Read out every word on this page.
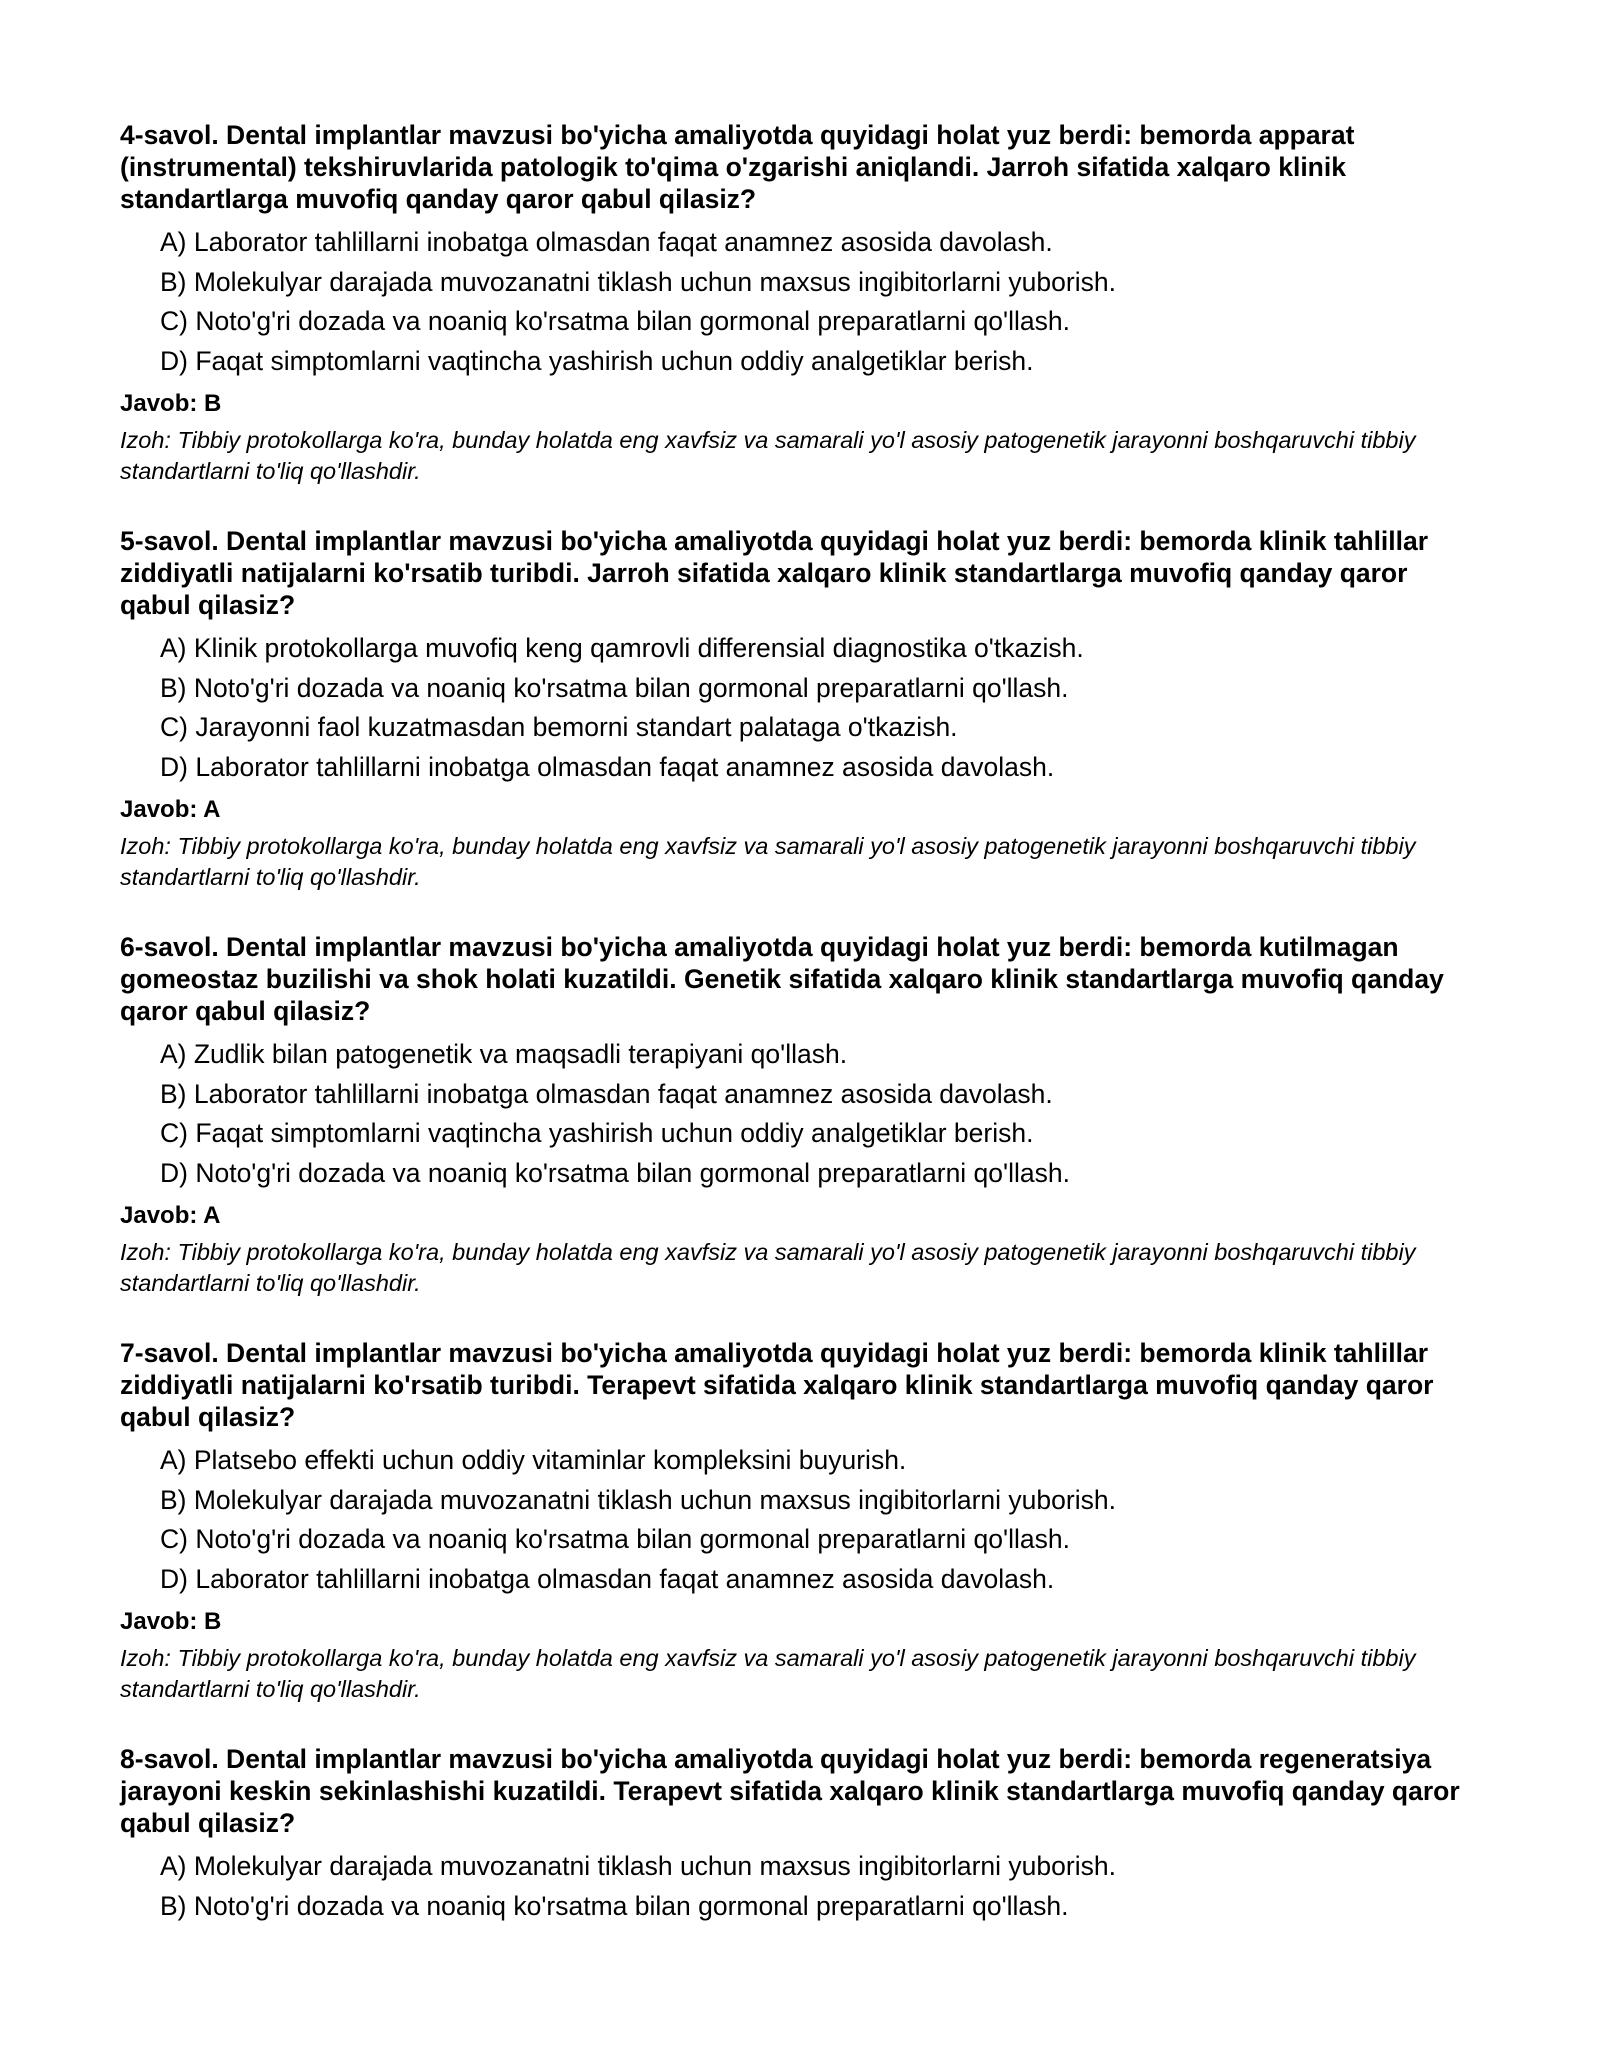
4-savol. Dental implantlar mavzusi bo'yicha amaliyotda quyidagi holat yuz berdi: bemorda apparat (instrumental) tekshiruvlarida patologik to'qima o'zgarishi aniqlandi. Jarroh sifatida xalqaro klinik standartlarga muvofiq qanday qaror qabul qilasiz?

A) Laborator tahlillarni inobatga olmasdan faqat anamnez asosida davolash.
B) Molekulyar darajada muvozanatni tiklash uchun maxsus ingibitorlarni yuborish.
C) Noto'g'ri dozada va noaniq ko'rsatma bilan gormonal preparatlarni qo'llash.
D) Faqat simptomlarni vaqtincha yashirish uchun oddiy analgetiklar berish.

Javob: B

Izoh: Tibbiy protokollarga ko'ra, bunday holatda eng xavfsiz va samarali yo'l asosiy patogenetik jarayonni boshqaruvchi tibbiy standartlarni to'liq qo'llashdir.

5-savol. Dental implantlar mavzusi bo'yicha amaliyotda quyidagi holat yuz berdi: bemorda klinik tahlillar ziddiyatli natijalarni ko'rsatib turibdi. Jarroh sifatida xalqaro klinik standartlarga muvofiq qanday qaror qabul qilasiz?

A) Klinik protokollarga muvofiq keng qamrovli differensial diagnostika o'tkazish.
B) Noto'g'ri dozada va noaniq ko'rsatma bilan gormonal preparatlarni qo'llash.
C) Jarayonni faol kuzatmasdan bemorni standart palataga o'tkazish.
D) Laborator tahlillarni inobatga olmasdan faqat anamnez asosida davolash.

Javob: A

Izoh: Tibbiy protokollarga ko'ra, bunday holatda eng xavfsiz va samarali yo'l asosiy patogenetik jarayonni boshqaruvchi tibbiy standartlarni to'liq qo'llashdir.

6-savol. Dental implantlar mavzusi bo'yicha amaliyotda quyidagi holat yuz berdi: bemorda kutilmagan gomeostaz buzilishi va shok holati kuzatildi. Genetik sifatida xalqaro klinik standartlarga muvofiq qanday qaror qabul qilasiz?

A) Zudlik bilan patogenetik va maqsadli terapiyani qo'llash.
B) Laborator tahlillarni inobatga olmasdan faqat anamnez asosida davolash.
C) Faqat simptomlarni vaqtincha yashirish uchun oddiy analgetiklar berish.
D) Noto'g'ri dozada va noaniq ko'rsatma bilan gormonal preparatlarni qo'llash.

Javob: A

Izoh: Tibbiy protokollarga ko'ra, bunday holatda eng xavfsiz va samarali yo'l asosiy patogenetik jarayonni boshqaruvchi tibbiy standartlarni to'liq qo'llashdir.

7-savol. Dental implantlar mavzusi bo'yicha amaliyotda quyidagi holat yuz berdi: bemorda klinik tahlillar ziddiyatli natijalarni ko'rsatib turibdi. Terapevt sifatida xalqaro klinik standartlarga muvofiq qanday qaror qabul qilasiz?

A) Platsebo effekti uchun oddiy vitaminlar kompleksini buyurish.
B) Molekulyar darajada muvozanatni tiklash uchun maxsus ingibitorlarni yuborish.
C) Noto'g'ri dozada va noaniq ko'rsatma bilan gormonal preparatlarni qo'llash.
D) Laborator tahlillarni inobatga olmasdan faqat anamnez asosida davolash.

Javob: B

Izoh: Tibbiy protokollarga ko'ra, bunday holatda eng xavfsiz va samarali yo'l asosiy patogenetik jarayonni boshqaruvchi tibbiy standartlarni to'liq qo'llashdir.

8-savol. Dental implantlar mavzusi bo'yicha amaliyotda quyidagi holat yuz berdi: bemorda regeneratsiya jarayoni keskin sekinlashishi kuzatildi. Terapevt sifatida xalqaro klinik standartlarga muvofiq qanday qaror qabul qilasiz?

A) Molekulyar darajada muvozanatni tiklash uchun maxsus ingibitorlarni yuborish.
B) Noto'g'ri dozada va noaniq ko'rsatma bilan gormonal preparatlarni qo'llash.
